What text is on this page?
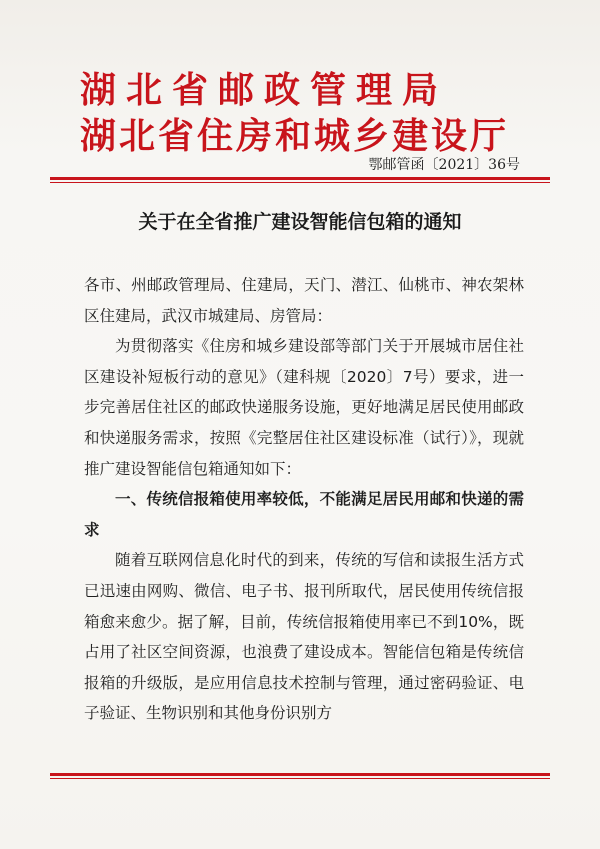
湖北省邮政管理局
湖北省住房和城乡建设厅
鄂邮管函〔2021〕36号
关于在全省推广建设智能信包箱的通知

各市、州邮政管理局、住建局，天门、潜江、仙桃市、神农架林区住建局，武汉市城建局、房管局：

为贯彻落实《住房和城乡建设部等部门关于开展城市居住社区建设补短板行动的意见》（建科规〔2020〕7号）要求，进一步完善居住社区的邮政快递服务设施，更好地满足居民使用邮政和快递服务需求，按照《完整居住社区建设标准（试行）》，现就推广建设智能信包箱通知如下：

一、传统信报箱使用率较低，不能满足居民用邮和快递的需求

随着互联网信息化时代的到来，传统的写信和读报生活方式已迅速由网购、微信、电子书、报刊所取代，居民使用传统信报箱愈来愈少。据了解，目前，传统信报箱使用率已不到10%，既占用了社区空间资源，也浪费了建设成本。智能信包箱是传统信报箱的升级版，是应用信息技术控制与管理，通过密码验证、电子验证、生物识别和其他身份识别方
